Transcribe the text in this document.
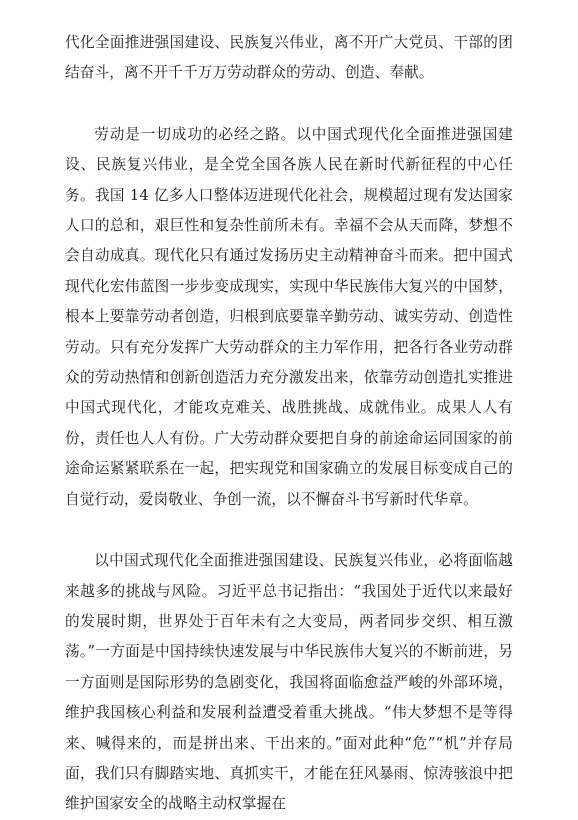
代化全面推进强国建设、民族复兴伟业，离不开广大党员、干部的团结奋斗，离不开千千万万劳动群众的劳动、创造、奉献。

劳动是一切成功的必经之路。以中国式现代化全面推进强国建设、民族复兴伟业，是全党全国各族人民在新时代新征程的中心任务。我国 14 亿多人口整体迈进现代化社会，规模超过现有发达国家人口的总和，艰巨性和复杂性前所未有。幸福不会从天而降，梦想不会自动成真。现代化只有通过发扬历史主动精神奋斗而来。把中国式现代化宏伟蓝图一步步变成现实，实现中华民族伟大复兴的中国梦，根本上要靠劳动者创造，归根到底要靠辛勤劳动、诚实劳动、创造性劳动。只有充分发挥广大劳动群众的主力军作用，把各行各业劳动群众的劳动热情和创新创造活力充分激发出来，依靠劳动创造扎实推进中国式现代化，才能攻克难关、战胜挑战、成就伟业。成果人人有份，责任也人人有份。广大劳动群众要把自身的前途命运同国家的前途命运紧紧联系在一起，把实现党和国家确立的发展目标变成自己的自觉行动，爱岗敬业、争创一流，以不懈奋斗书写新时代华章。

以中国式现代化全面推进强国建设、民族复兴伟业，必将面临越来越多的挑战与风险。习近平总书记指出：“我国处于近代以来最好的发展时期，世界处于百年未有之大变局，两者同步交织、相互激荡。”一方面是中国持续快速发展与中华民族伟大复兴的不断前进，另一方面则是国际形势的急剧变化，我国将面临愈益严峻的外部环境，维护我国核心利益和发展利益遭受着重大挑战。“伟大梦想不是等得来、喊得来的，而是拼出来、干出来的。”面对此种“危”“机”并存局面，我们只有脚踏实地、真抓实干，才能在狂风暴雨、惊涛骇浪中把维护国家安全的战略主动权掌握在
